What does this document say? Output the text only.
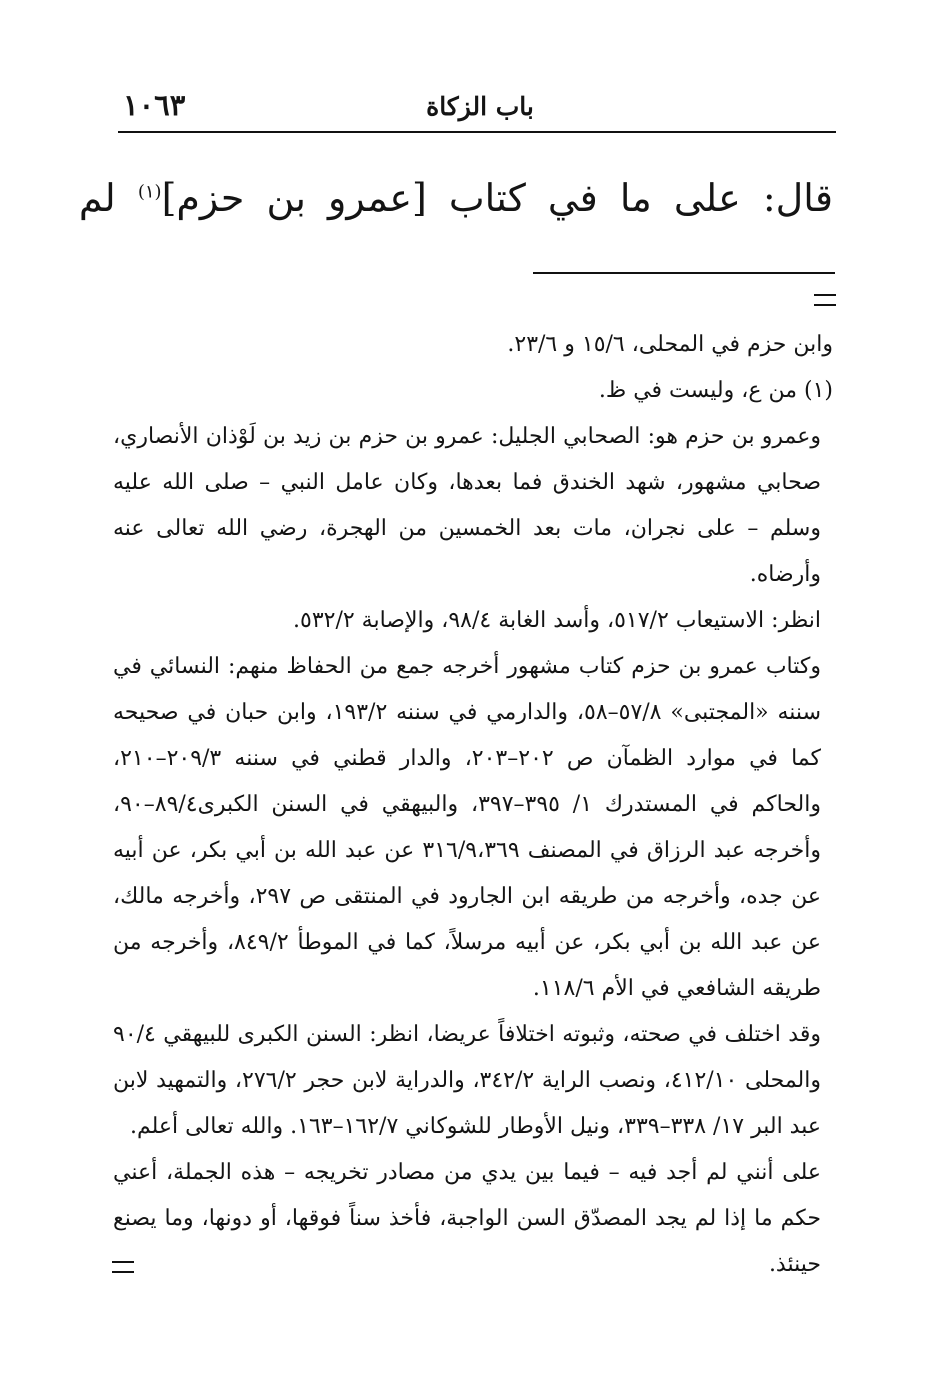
١٠٦٣	باب الزكاة
قال: على ما في كتاب [عمرو بن حزم]$^{(١)}$ لم

وابن حزم في المحلى، ١٥/٦ و ٢٣/٦.

(١) من ع، وليست في ظ.

وعمرو بن حزم هو: الصحابي الجليل: عمرو بن حزم بن زيد بن لَوْذان الأنصاري، صحابي مشهور، شهد الخندق فما بعدها، وكان عامل النبي – صلى الله عليه وسلم – على نجران، مات بعد الخمسين من الهجرة، رضي الله تعالى عنه وأرضاه.

انظر: الاستيعاب ٥١٧/٢، وأسد الغابة ٩٨/٤، والإصابة ٥٣٢/٢.

وكتاب عمرو بن حزم كتاب مشهور أخرجه جمع من الحفاظ منهم: النسائي في سننه «المجتبى» ٥٧/٨–٥٨، والدارمي في سننه ١٩٣/٢، وابن حبان في صحيحه كما في موارد الظمآن ص ٢٠٢–٢٠٣، والدار قطني في سننه ٢٠٩/٣–٢١٠، والحاكم في المستدرك ١/ ٣٩٥–٣٩٧، والبيهقي في السنن الكبرى٨٩/٤–٩٠، وأخرجه عبد الرزاق في المصنف ٣١٦/٩،٣٦٩ عن عبد الله بن أبي بكر، عن أبيه عن جده، وأخرجه من طريقه ابن الجارود في المنتقى ص ٢٩٧، وأخرجه مالك، عن عبد الله بن أبي بكر، عن أبيه مرسلاً، كما في الموطأ ٨٤٩/٢، وأخرجه من طريقه الشافعي في الأم ١١٨/٦.

وقد اختلف في صحته، وثبوته اختلافاً عريضا، انظر: السنن الكبرى للبيهقي ٩٠/٤ والمحلى ٤١٢/١٠، ونصب الراية ٣٤٢/٢، والدراية لابن حجر ٢٧٦/٢، والتمهيد لابن عبد البر ١٧/ ٣٣٨–٣٣٩، ونيل الأوطار للشوكاني ١٦٢/٧–١٦٣. والله تعالى أعلم.

على أنني لم أجد فيه – فيما بين يدي من مصادر تخريجه – هذه الجملة، أعني حكم ما إذا لم يجد المصدّق السن الواجبة، فأخذ سناً فوقها، أو دونها، وما يصنع حينئذ.
